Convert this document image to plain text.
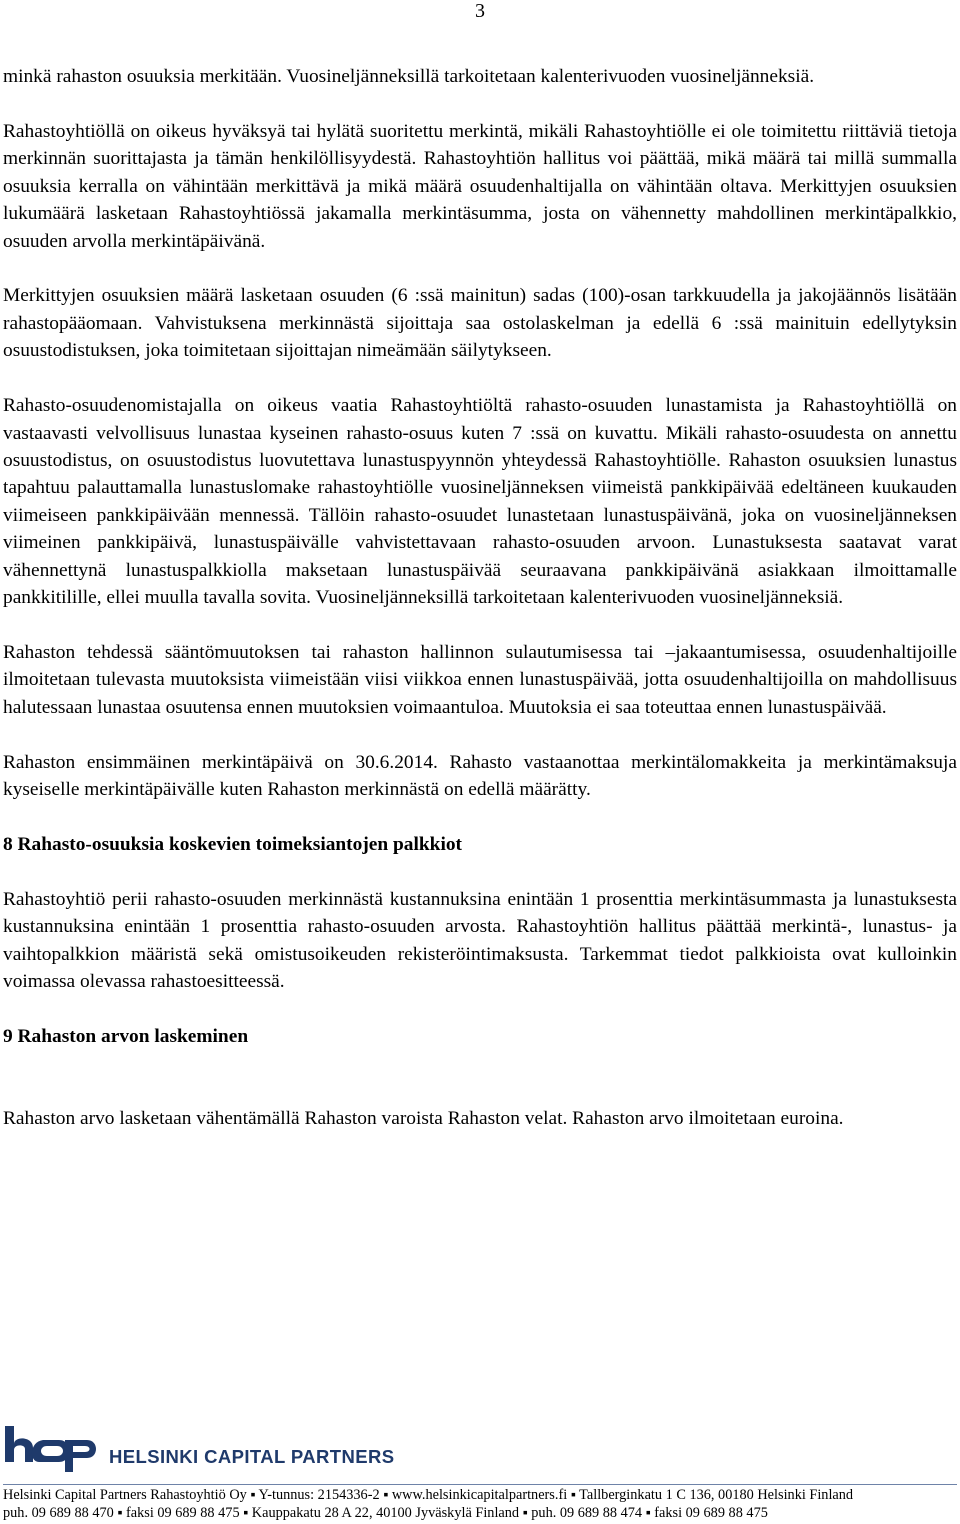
3

minkä rahaston osuuksia merkitään. Vuosineljänneksillä tarkoitetaan kalenterivuoden vuosineljänneksiä.

Rahastoyhtiöllä on oikeus hyväksyä tai hylätä suoritettu merkintä, mikäli Rahastoyhtiölle ei ole toimitettu riittäviä tietoja merkinnän suorittajasta ja tämän henkilöllisyydestä. Rahastoyhtiön hallitus voi päättää, mikä määrä tai millä summalla osuuksia kerralla on vähintään merkittävä ja mikä määrä osuudenhaltijalla on vähintään oltava. Merkittyjen osuuksien lukumäärä lasketaan Rahastoyhtiössä jakamalla merkintäsumma, josta on vähennetty mahdollinen merkintäpalkkio, osuuden arvolla merkintäpäivänä.

Merkittyjen osuuksien määrä lasketaan osuuden (6 :ssä mainitun) sadas (100)-osan tarkkuudella ja jakojäännös lisätään rahastopääomaan. Vahvistuksena merkinnästä sijoittaja saa ostolaskelman ja edellä 6 :ssä mainituin edellytyksin osuustodistuksen, joka toimitetaan sijoittajan nimeämään säilytykseen.

Rahasto-osuudenomistajalla on oikeus vaatia Rahastoyhtiöltä rahasto-osuuden lunastamista ja Rahastoyhtiöllä on vastaavasti velvollisuus lunastaa kyseinen rahasto-osuus kuten 7 :ssä on kuvattu. Mikäli rahasto-osuudesta on annettu osuustodistus, on osuustodistus luovutettava lunastuspyynnön yhteydessä Rahastoyhtiölle. Rahaston osuuksien lunastus tapahtuu palauttamalla lunastuslomake rahastoyhtiölle vuosineljänneksen viimeistä pankkipäivää edeltäneen kuukauden viimeiseen pankkipäivään mennessä. Tällöin rahasto-osuudet lunastetaan lunastuspäivänä, joka on vuosineljänneksen viimeinen pankkipäivä, lunastuspäivälle vahvistettavaan rahasto-osuuden arvoon. Lunastuksesta saatavat varat vähennettynä lunastuspalkkiolla maksetaan lunastuspäivää seuraavana pankkipäivänä asiakkaan ilmoittamalle pankkitilille, ellei muulla tavalla sovita. Vuosineljänneksillä tarkoitetaan kalenterivuoden vuosineljänneksiä.

Rahaston tehdessä sääntömuutoksen tai rahaston hallinnon sulautumisessa tai –jakaantumisessa, osuudenhaltijoille ilmoitetaan tulevasta muutoksista viimeistään viisi viikkoa ennen lunastuspäivää, jotta osuudenhaltijoilla on mahdollisuus halutessaan lunastaa osuutensa ennen muutoksien voimaantuloa. Muutoksia ei saa toteuttaa ennen lunastuspäivää.

Rahaston ensimmäinen merkintäpäivä on 30.6.2014. Rahasto vastaanottaa merkintälomakkeita ja merkintämaksuja kyseiselle merkintäpäivälle kuten Rahaston merkinnästä on edellä määrätty.

8 Rahasto-osuuksia koskevien toimeksiantojen palkkiot

Rahastoyhtiö perii rahasto-osuuden merkinnästä kustannuksina enintään 1 prosenttia merkintäsummasta ja lunastuksesta kustannuksina enintään 1 prosenttia rahasto-osuuden arvosta. Rahastoyhtiön hallitus päättää merkintä-, lunastus- ja vaihtopalkkion määristä sekä omistusoikeuden rekisteröintimaksusta. Tarkemmat tiedot palkkioista ovat kulloinkin voimassa olevassa rahastoesitteessä.

9 Rahaston arvon laskeminen

Rahaston arvo lasketaan vähentämällä Rahaston varoista Rahaston velat. Rahaston arvo ilmoitetaan euroina.

HELSINKI CAPITAL PARTNERS
Helsinki Capital Partners Rahastoyhtiö Oy ▪ Y-tunnus: 2154336-2 ▪ www.helsinkicapitalpartners.fi ▪ Tallberginkatu 1 C 136, 00180 Helsinki Finland
puh. 09 689 88 470 ▪ faksi 09 689 88 475 ▪ Kauppakatu 28 A 22, 40100 Jyväskylä Finland ▪ puh. 09 689 88 474 ▪ faksi 09 689 88 475
